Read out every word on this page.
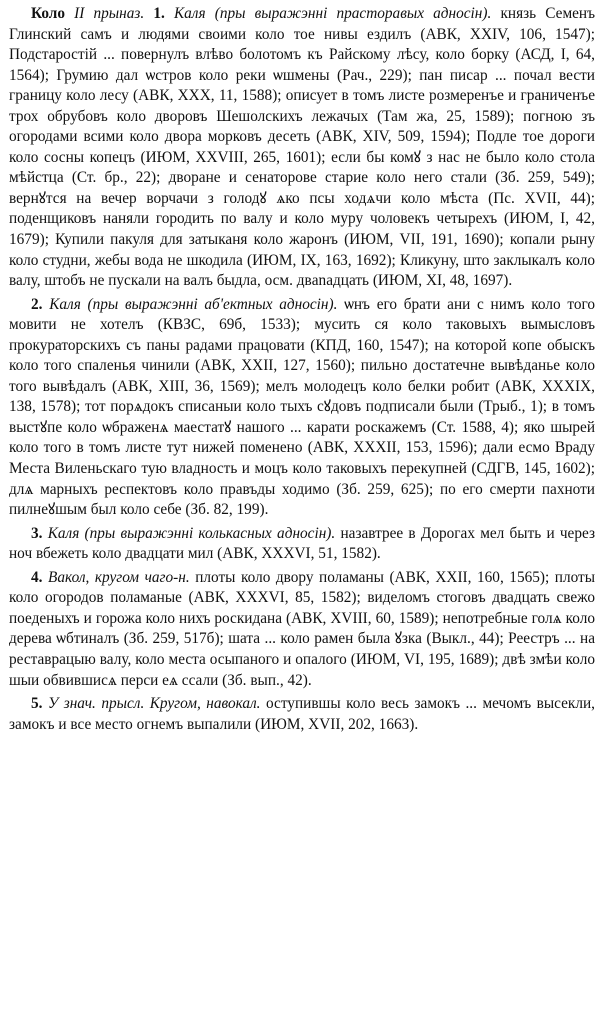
Коло II прыназ. 1. Каля (пры выражэнні прасторавых адносін). князь Семенъ Глинский самъ и людями своими коло тое нивы ездилъ (АВК, XXIV, 106, 1547); Подстаростій ... повернулъ влѣво болотомъ къ Райскому лѣсу, коло борку (АСД, I, 64, 1564); Грумию дал ѡстров коло реки ѡшмены (Рач., 229); пан писар ... почал вести границу коло лесу (АВК, XXX, 11, 1588); описует в томъ листе розмеренъе и граниченъе трох обрубовъ коло дворовъ Шешолскихъ лежачых (Там жа, 25, 1589); погною зъ огородами всими коло двора морковъ десеть (АВК, XIV, 509, 1594); Подле тое дороги коло сосны копецъ (ИЮМ, XXVIII, 265, 1601); если бы комꙋ з нас не было коло стола мѣйстца (Ст. бр., 22); дворане и сенаторове старие коло него стали (Зб. 259, 549); вернꙋтся на вечер ворчачи з голодꙋ ѧко псы ходѧчи коло мѣста (Пс. XVII, 44); поденщиковъ наняли городить по валу и коло муру чоловекъ четырехъ (ИЮМ, I, 42, 1679); Купили пакуля для затыканя коло жаронъ (ИЮМ, VII, 191, 1690); копали рыну коло студни, жебы вода не шкодила (ИЮМ, IX, 163, 1692); Кликуну, што заклыкалъ коло валу, штобъ не пускали на валъ быдла, осм. двanaдцать (ИЮМ, XI, 48, 1697).

2. Каля (пры выражэнні аб'ектных адносін). ѡнъ его брати ани с нимъ коло того мовити не хотелъ (КВЗС, 69б, 1533); мусить ся коло таковыхъ вымысловъ прокураторскихъ съ паны радами працовати (КПД, 160, 1547); на которой копе обыскъ коло того спаленья чинили (АВК, XXII, 127, 1560); пильно достатечне вывѣданье коло того вывѣдалъ (АВК, XIII, 36, 1569); мелъ молодецъ коло белки робит (АВК, XXXIX, 138, 1578); тот порѧдокъ списаныи коло тыхъ сꙋдовъ подписали были (Трыб., 1); в томъ выстꙋпе коло ѡбраженѧ маестатꙋ нашого ... карати роскажемъ (Ст. 1588, 4); яко шырей коло того в томъ листе тут нижей поменено (АВК, XXXII, 153, 1596); дали есмо Враду Места Виленьскаго тую владность и моцъ коло таковыхъ перекупней (СДГВ, 145, 1602); длѧ марныхъ респектовъ коло правъды ходимо (Зб. 259, 625); по его смерти пахноти пилнеꙋшым был коло себе (Зб. 82, 199).

3. Каля (пры выражэнні колькасных адносін). назавтрее в Дорогах мел быть и через ноч вбежеть коло двадцати мил (АВК, XXXVI, 51, 1582).

4. Вакол, кругом чаго-н. плоты коло двору поламаны (АВК, XXII, 160, 1565); плоты коло огородов поламаные (АВК, XXXVI, 85, 1582); виделомъ стоговъ двадцать свежо поеденыхъ и горожа коло нихъ роскидана (АВК, XVIII, 60, 1589); непотребные голѧ коло дерева ѡбтиналъ (Зб. 259, 517б); шата ... коло рамен была ꙋзка (Выкл., 44); Реестръ ... на реставрацыю валу, коло места осыпаного и опалого (ИЮМ, VI, 195, 1689); двѣ змѣи коло шыи обвившисѧ перси еѧ ссали (Зб. вып., 42).

5. У знач. прысл. Кругом, навокал. оступившы коло весь замокъ ... мечомъ высекли, замокъ и все место огнемъ выпалили (ИЮМ, XVII, 202, 1663).
